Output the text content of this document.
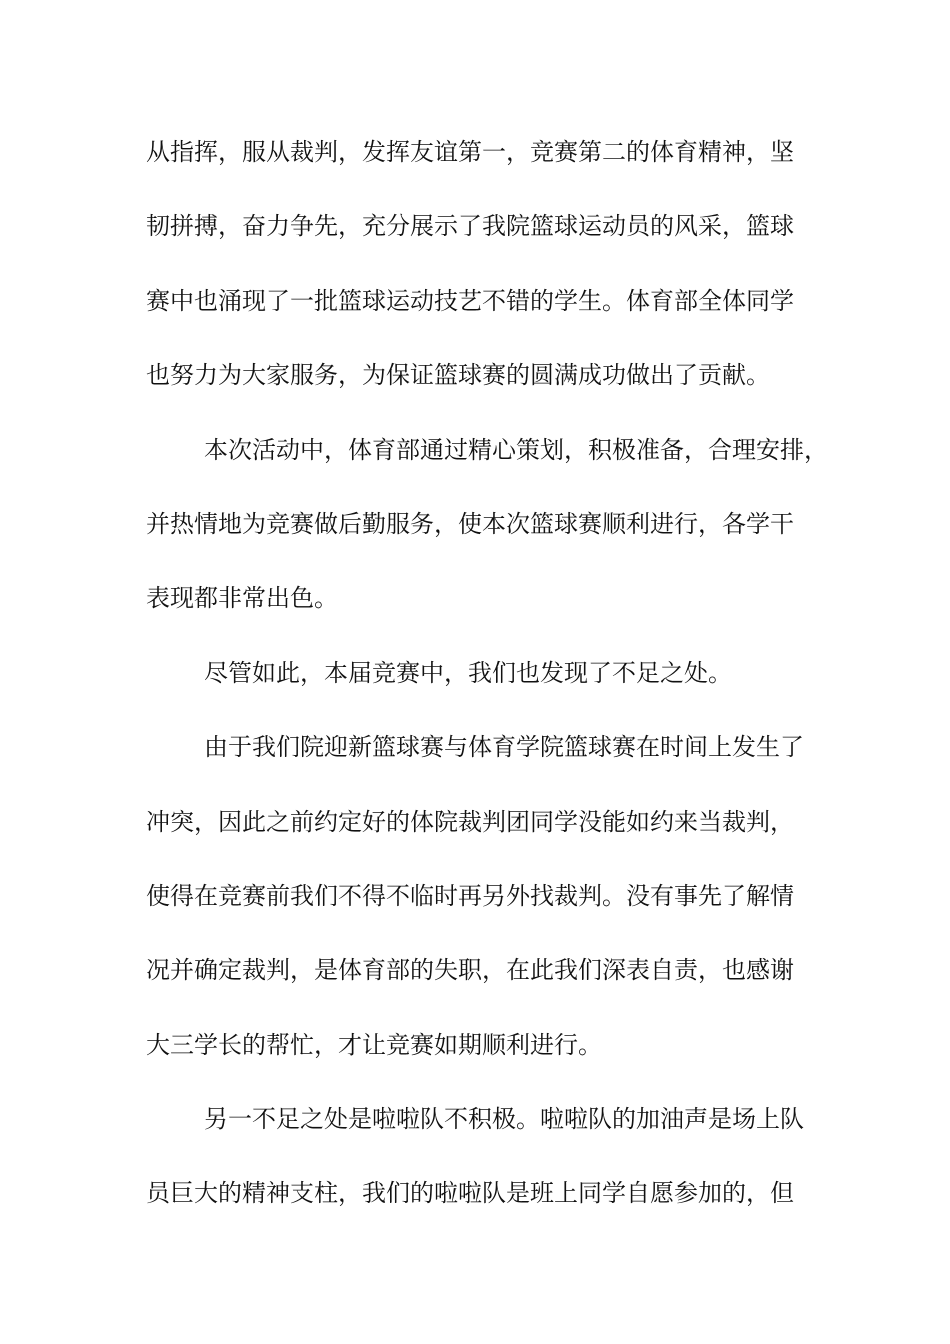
从指挥，服从裁判，发挥友谊第一，竞赛第二的体育精神，坚
韧拼搏，奋力争先，充分展示了我院篮球运动员的风采，篮球
赛中也涌现了一批篮球运动技艺不错的学生。体育部全体同学
也努力为大家服务，为保证篮球赛的圆满成功做出了贡献。
本次活动中，体育部通过精心策划，积极准备，合理安排，
并热情地为竞赛做后勤服务，使本次篮球赛顺利进行，各学干
表现都非常出色。
尽管如此，本届竞赛中，我们也发现了不足之处。
由于我们院迎新篮球赛与体育学院篮球赛在时间上发生了
冲突，因此之前约定好的体院裁判团同学没能如约来当裁判，
使得在竞赛前我们不得不临时再另外找裁判。没有事先了解情
况并确定裁判，是体育部的失职，在此我们深表自责，也感谢
大三学长的帮忙，才让竞赛如期顺利进行。
另一不足之处是啦啦队不积极。啦啦队的加油声是场上队
员巨大的精神支柱，我们的啦啦队是班上同学自愿参加的，但
